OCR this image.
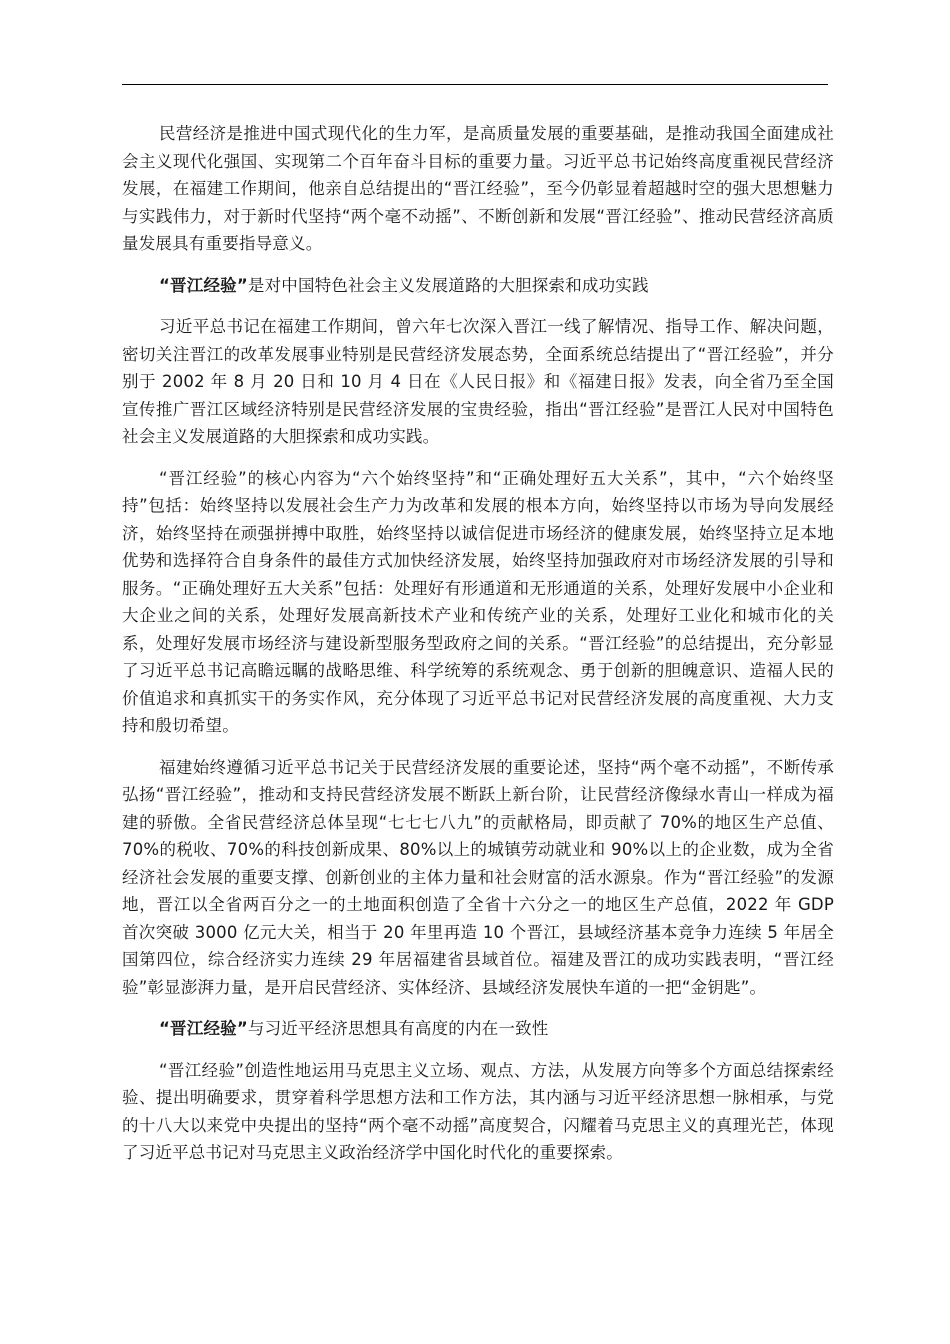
民营经济是推进中国式现代化的生力军，是高质量发展的重要基础，是推动我国全面建成社会主义现代化强国、实现第二个百年奋斗目标的重要力量。习近平总书记始终高度重视民营经济发展，在福建工作期间，他亲自总结提出的“晋江经验”，至今仍彰显着超越时空的强大思想魅力与实践伟力，对于新时代坚持“两个毫不动摇”、不断创新和发展“晋江经验”、推动民营经济高质量发展具有重要指导意义。

“晋江经验”是对中国特色社会主义发展道路的大胆探索和成功实践

习近平总书记在福建工作期间，曾六年七次深入晋江一线了解情况、指导工作、解决问题，密切关注晋江的改革发展事业特别是民营经济发展态势，全面系统总结提出了“晋江经验”，并分别于 2002 年 8 月 20 日和 10 月 4 日在《人民日报》和《福建日报》发表，向全省乃至全国宣传推广晋江区域经济特别是民营经济发展的宝贵经验，指出“晋江经验”是晋江人民对中国特色社会主义发展道路的大胆探索和成功实践。

“晋江经验”的核心内容为“六个始终坚持”和“正确处理好五大关系”，其中，“六个始终坚持”包括：始终坚持以发展社会生产力为改革和发展的根本方向，始终坚持以市场为导向发展经济，始终坚持在顽强拼搏中取胜，始终坚持以诚信促进市场经济的健康发展，始终坚持立足本地优势和选择符合自身条件的最佳方式加快经济发展，始终坚持加强政府对市场经济发展的引导和服务。“正确处理好五大关系”包括：处理好有形通道和无形通道的关系，处理好发展中小企业和大企业之间的关系，处理好发展高新技术产业和传统产业的关系，处理好工业化和城市化的关系，处理好发展市场经济与建设新型服务型政府之间的关系。“晋江经验”的总结提出，充分彰显了习近平总书记高瞻远瞩的战略思维、科学统筹的系统观念、勇于创新的胆魄意识、造福人民的价值追求和真抓实干的务实作风，充分体现了习近平总书记对民营经济发展的高度重视、大力支持和殷切希望。

福建始终遵循习近平总书记关于民营经济发展的重要论述，坚持“两个毫不动摇”，不断传承弘扬“晋江经验”，推动和支持民营经济发展不断跃上新台阶，让民营经济像绿水青山一样成为福建的骄傲。全省民营经济总体呈现“七七七八九”的贡献格局，即贡献了 70%的地区生产总值、70%的税收、70%的科技创新成果、80%以上的城镇劳动就业和 90%以上的企业数，成为全省经济社会发展的重要支撑、创新创业的主体力量和社会财富的活水源泉。作为“晋江经验”的发源地，晋江以全省两百分之一的土地面积创造了全省十六分之一的地区生产总值，2022 年 GDP 首次突破 3000 亿元大关，相当于 20 年里再造 10 个晋江，县域经济基本竞争力连续 5 年居全国第四位，综合经济实力连续 29 年居福建省县域首位。福建及晋江的成功实践表明，“晋江经验”彰显澎湃力量，是开启民营经济、实体经济、县域经济发展快车道的一把“金钥匙”。

“晋江经验”与习近平经济思想具有高度的内在一致性

“晋江经验”创造性地运用马克思主义立场、观点、方法，从发展方向等多个方面总结探索经验、提出明确要求，贯穿着科学思想方法和工作方法，其内涵与习近平经济思想一脉相承，与党的十八大以来党中央提出的坚持“两个毫不动摇”高度契合，闪耀着马克思主义的真理光芒，体现了习近平总书记对马克思主义政治经济学中国化时代化的重要探索。
